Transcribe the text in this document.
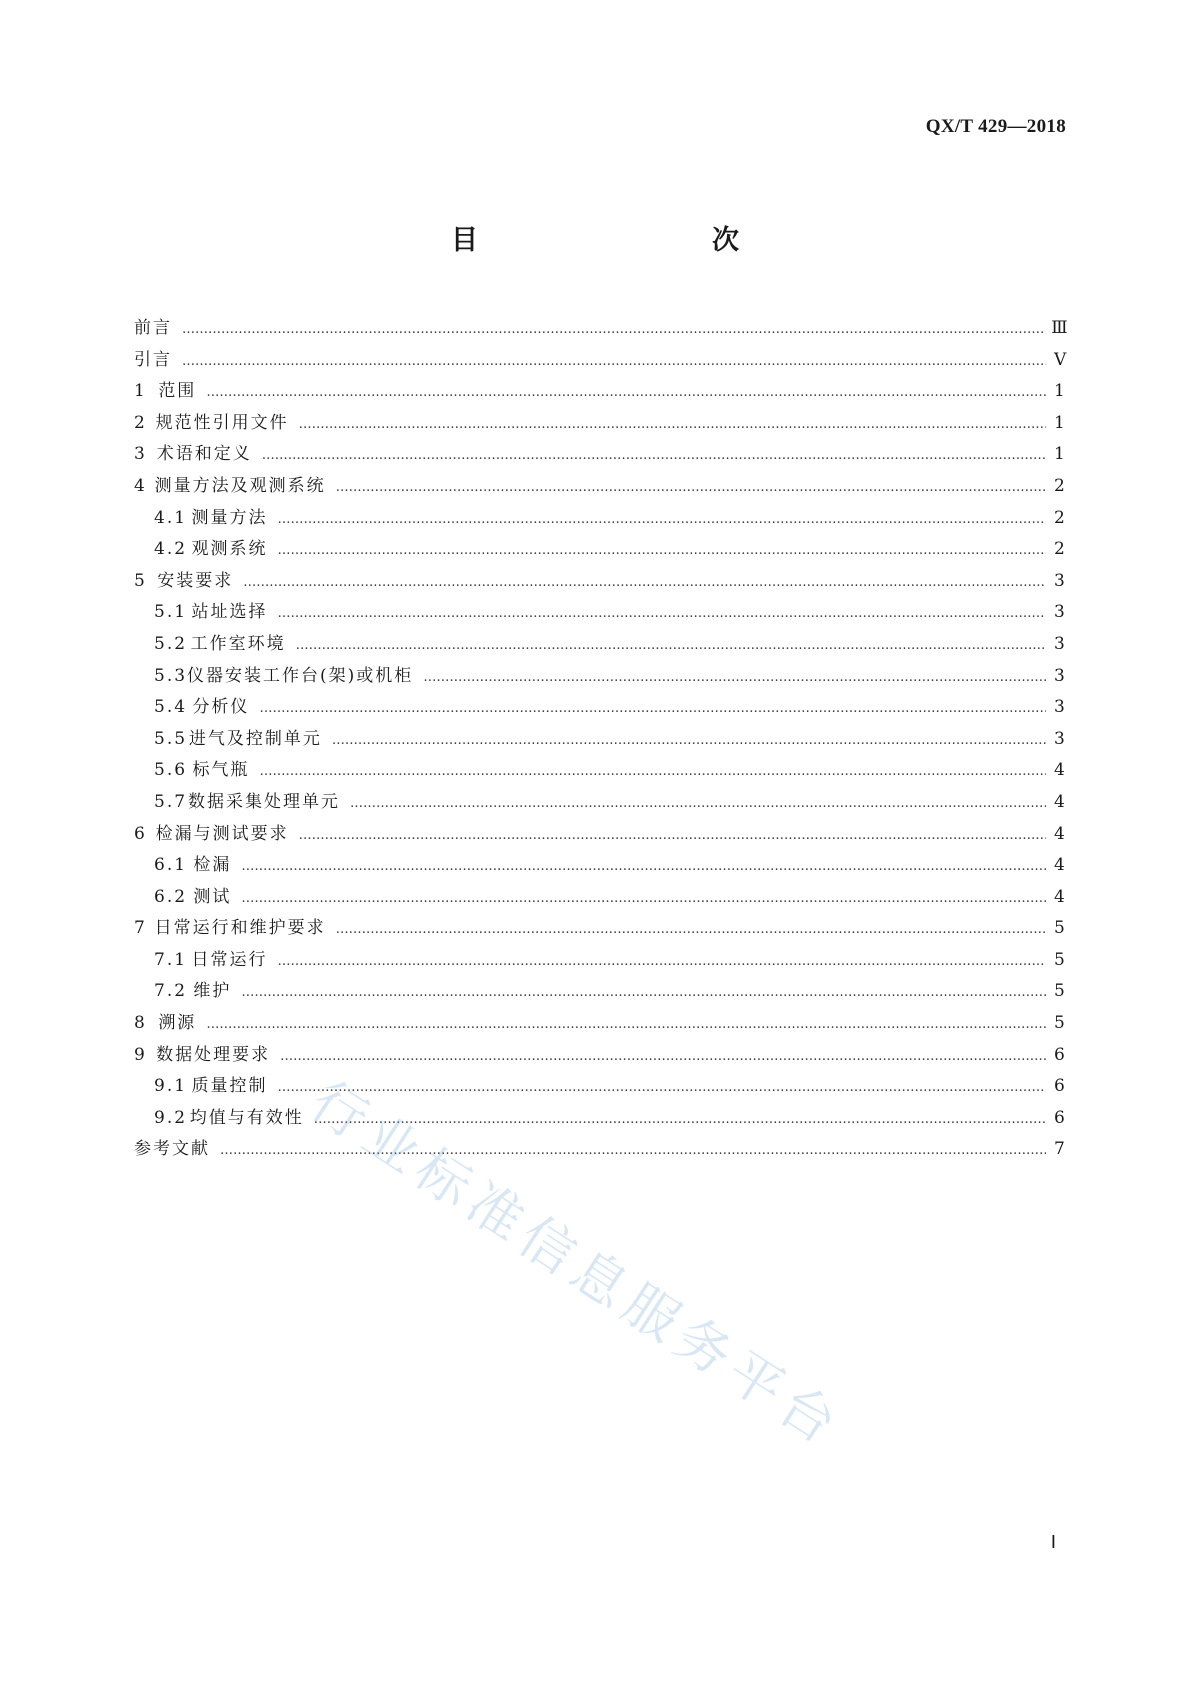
QX/T 429—2018
目　　次
前言 …………………………………………………………………………………………………………………………………………………………………………………………………………………………………	Ⅲ
引言 …………………………………………………………………………………………………………………………………………………………………………………………………………………………………	Ⅴ
1 范围 …………………………………………………………………………………………………………………………………………………………………………………………………………………………………	1
2 规范性引用文件 …………………………………………………………………………………………………………………………………………………………………………………………………………………………………	1
3 术语和定义 …………………………………………………………………………………………………………………………………………………………………………………………………………………………………	1
4 测量方法及观测系统 …………………………………………………………………………………………………………………………………………………………………………………………………………………………………	2
4.1 测量方法 …………………………………………………………………………………………………………………………………………………………………………………………………………………………………	2
4.2 观测系统 …………………………………………………………………………………………………………………………………………………………………………………………………………………………………	2
5 安装要求 …………………………………………………………………………………………………………………………………………………………………………………………………………………………………	3
5.1 站址选择 …………………………………………………………………………………………………………………………………………………………………………………………………………………………………	3
5.2 工作室环境 …………………………………………………………………………………………………………………………………………………………………………………………………………………………………	3
5.3 仪器安装工作台(架)或机柜 …………………………………………………………………………………………………………………………………………………………………………………………………………………………………	3
5.4 分析仪 …………………………………………………………………………………………………………………………………………………………………………………………………………………………………	3
5.5 进气及控制单元 …………………………………………………………………………………………………………………………………………………………………………………………………………………………………	3
5.6 标气瓶 …………………………………………………………………………………………………………………………………………………………………………………………………………………………………	4
5.7 数据采集处理单元 …………………………………………………………………………………………………………………………………………………………………………………………………………………………………	4
6 检漏与测试要求 …………………………………………………………………………………………………………………………………………………………………………………………………………………………………	4
6.1 检漏 …………………………………………………………………………………………………………………………………………………………………………………………………………………………………	4
6.2 测试 …………………………………………………………………………………………………………………………………………………………………………………………………………………………………	4
7 日常运行和维护要求 …………………………………………………………………………………………………………………………………………………………………………………………………………………………………	5
7.1 日常运行 …………………………………………………………………………………………………………………………………………………………………………………………………………………………………	5
7.2 维护 …………………………………………………………………………………………………………………………………………………………………………………………………………………………………	5
8 溯源 …………………………………………………………………………………………………………………………………………………………………………………………………………………………………	5
9 数据处理要求 …………………………………………………………………………………………………………………………………………………………………………………………………………………………………	6
9.1 质量控制 …………………………………………………………………………………………………………………………………………………………………………………………………………………………………	6
9.2 均值与有效性 …………………………………………………………………………………………………………………………………………………………………………………………………………………………………	6
参考文献 …………………………………………………………………………………………………………………………………………………………………………………………………………………………………	7
Ⅰ
行业标准信息服务平台
